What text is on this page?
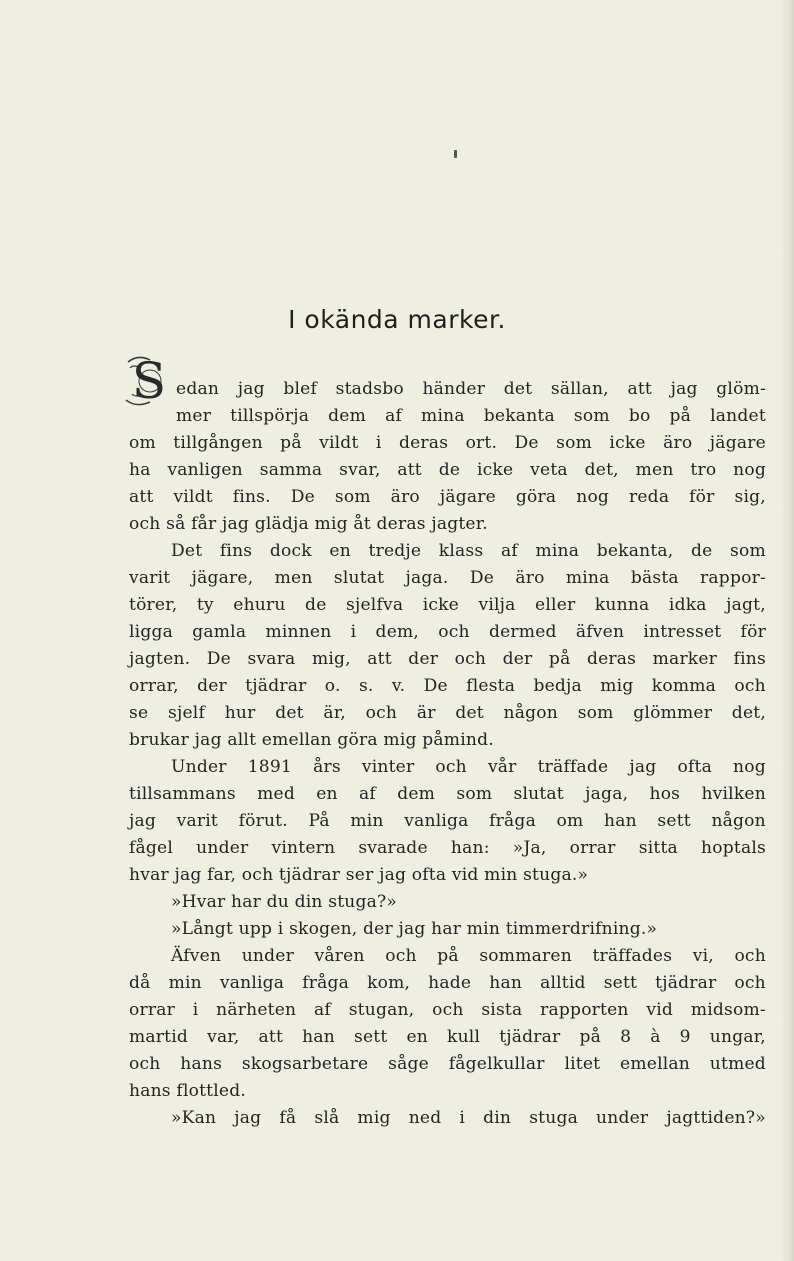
I okända marker.
S edan jag blef stadsbo händer det sällan, att jag glöm-
mer tillspörja dem af mina bekanta som bo på landet
om tillgången på vildt i deras ort. De som icke äro jägare
ha vanligen samma svar, att de icke veta det, men tro nog
att vildt fins. De som äro jägare göra nog reda för sig,
och så får jag glädja mig åt deras jagter.
Det fins dock en tredje klass af mina bekanta, de som
varit jägare, men slutat jaga. De äro mina bästa rappor-
törer, ty ehuru de sjelfva icke vilja eller kunna idka jagt,
ligga gamla minnen i dem, och dermed äfven intresset för
jagten. De svara mig, att der och der på deras marker fins
orrar, der tjädrar o. s. v. De flesta bedja mig komma och
se sjelf hur det är, och är det någon som glömmer det,
brukar jag allt emellan göra mig påmind.
Under 1891 års vinter och vår träffade jag ofta nog
tillsammans med en af dem som slutat jaga, hos hvilken
jag varit förut. På min vanliga fråga om han sett någon
fågel under vintern svarade han: »Ja, orrar sitta hoptals
hvar jag far, och tjädrar ser jag ofta vid min stuga.»
»Hvar har du din stuga?»
»Långt upp i skogen, der jag har min timmerdrifning.»
Äfven under våren och på sommaren träffades vi, och
då min vanliga fråga kom, hade han alltid sett tjädrar och
orrar i närheten af stugan, och sista rapporten vid midsom-
martid var, att han sett en kull tjädrar på 8 à 9 ungar,
och hans skogsarbetare såge fågelkullar litet emellan utmed
hans flottled.
»Kan jag få slå mig ned i din stuga under jagttiden?»
